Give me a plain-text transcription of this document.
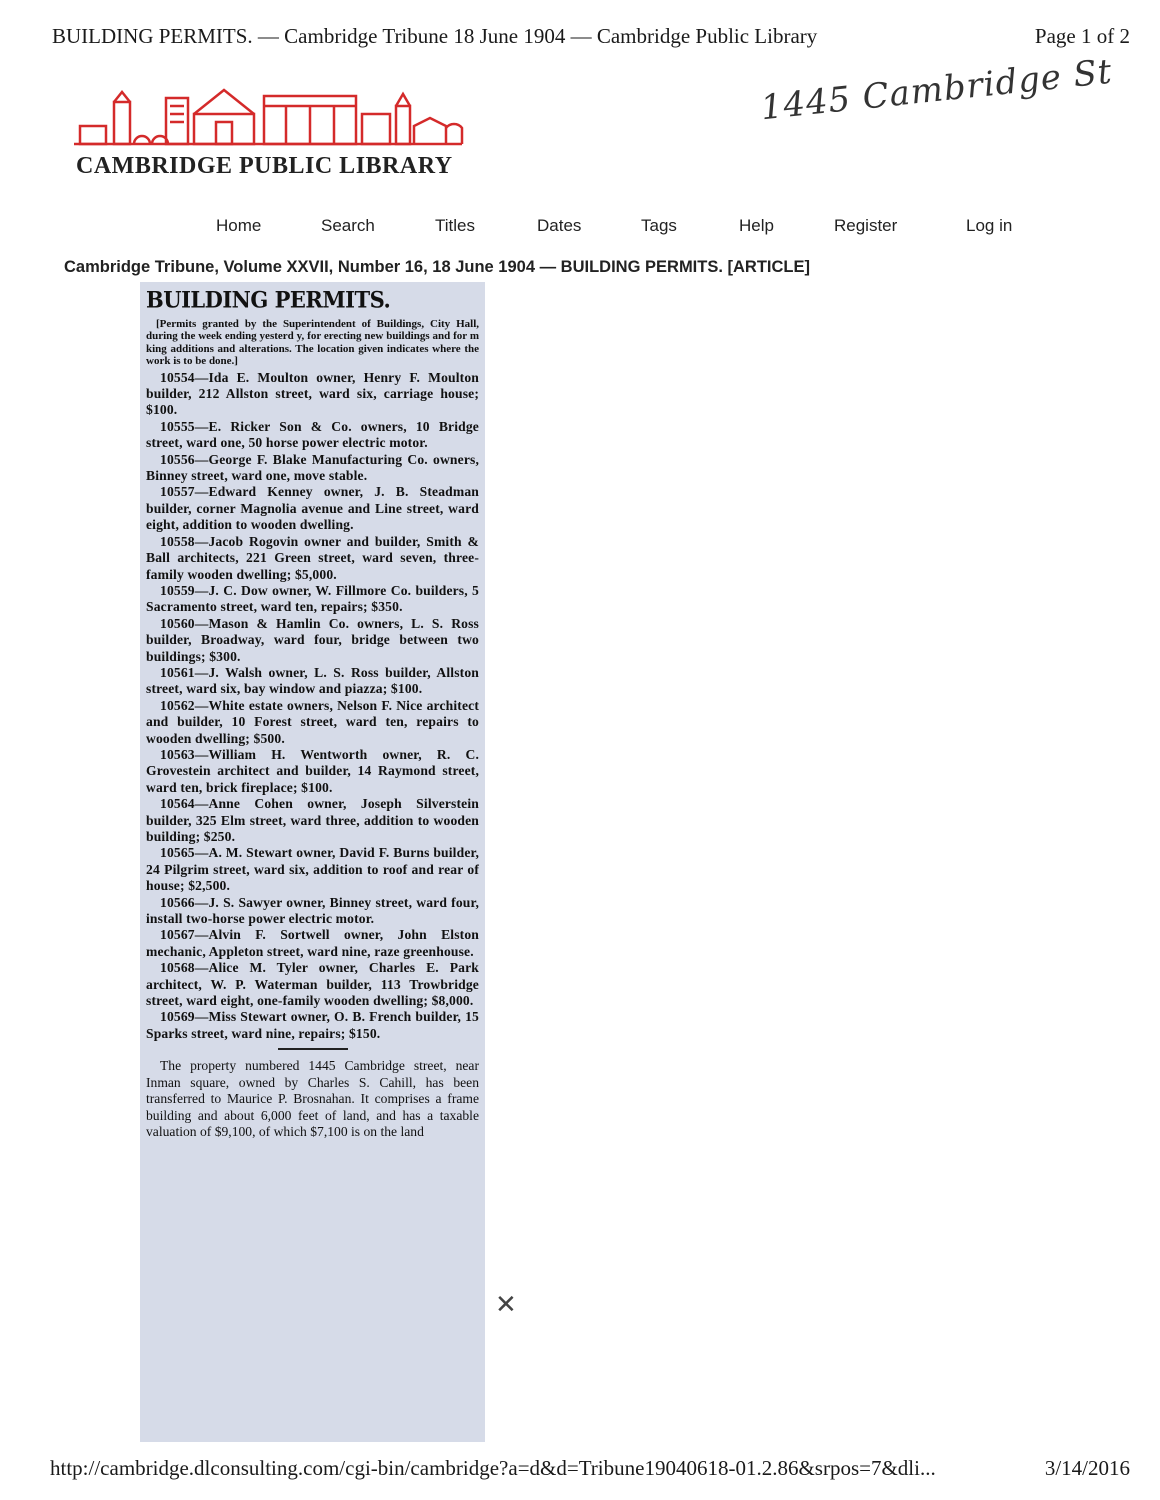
BUILDING PERMITS. — Cambridge Tribune 18 June 1904 — Cambridge Public Library	Page 1 of 2
1445 Cambridge St
CAMBRIDGE PUBLIC LIBRARY
Home	Search	Titles	Dates	Tags	Help	Register	Log in
Cambridge Tribune, Volume XXVII, Number 16, 18 June 1904 — BUILDING PERMITS. [ARTICLE]
BUILDING PERMITS.

[Permits granted by the Superintendent of Buildings, City Hall, during the week ending yesterd y, for erecting new buildings and for m king additions and alterations. The location given indicates where the work is to be done.]

10554—Ida E. Moulton owner, Henry F. Moulton builder, 212 Allston street, ward six, carriage house; $100.

10555—E. Ricker Son & Co. owners, 10 Bridge street, ward one, 50 horse power electric motor.

10556—George F. Blake Manufacturing Co. owners, Binney street, ward one, move stable.

10557—Edward Kenney owner, J. B. Steadman builder, corner Magnolia avenue and Line street, ward eight, addition to wooden dwelling.

10558—Jacob Rogovin owner and builder, Smith & Ball architects, 221 Green street, ward seven, three-family wooden dwelling; $5,000.

10559—J. C. Dow owner, W. Fillmore Co. builders, 5 Sacramento street, ward ten, repairs; $350.

10560—Mason & Hamlin Co. owners, L. S. Ross builder, Broadway, ward four, bridge between two buildings; $300.

10561—J. Walsh owner, L. S. Ross builder, Allston street, ward six, bay window and piazza; $100.

10562—White estate owners, Nelson F. Nice architect and builder, 10 Forest street, ward ten, repairs to wooden dwelling; $500.

10563—William H. Wentworth owner, R. C. Grovestein architect and builder, 14 Raymond street, ward ten, brick fireplace; $100.

10564—Anne Cohen owner, Joseph Silverstein builder, 325 Elm street, ward three, addition to wooden building; $250.

10565—A. M. Stewart owner, David F. Burns builder, 24 Pilgrim street, ward six, addition to roof and rear of house; $2,500.

10566—J. S. Sawyer owner, Binney street, ward four, install two-horse power electric motor.

10567—Alvin F. Sortwell owner, John Elston mechanic, Appleton street, ward nine, raze greenhouse.

10568—Alice M. Tyler owner, Charles E. Park architect, W. P. Waterman builder, 113 Trowbridge street, ward eight, one-family wooden dwelling; $8,000.

10569—Miss Stewart owner, O. B. French builder, 15 Sparks street, ward nine, repairs; $150.

The property numbered 1445 Cambridge street, near Inman square, owned by Charles S. Cahill, has been transferred to Maurice P. Brosnahan. It comprises a frame building and about 6,000 feet of land, and has a taxable valuation of $9,100, of which $7,100 is on the land

✕
http://cambridge.dlconsulting.com/cgi-bin/cambridge?a=d&d=Tribune19040618-01.2.86&srpos=7&dli...	3/14/2016
